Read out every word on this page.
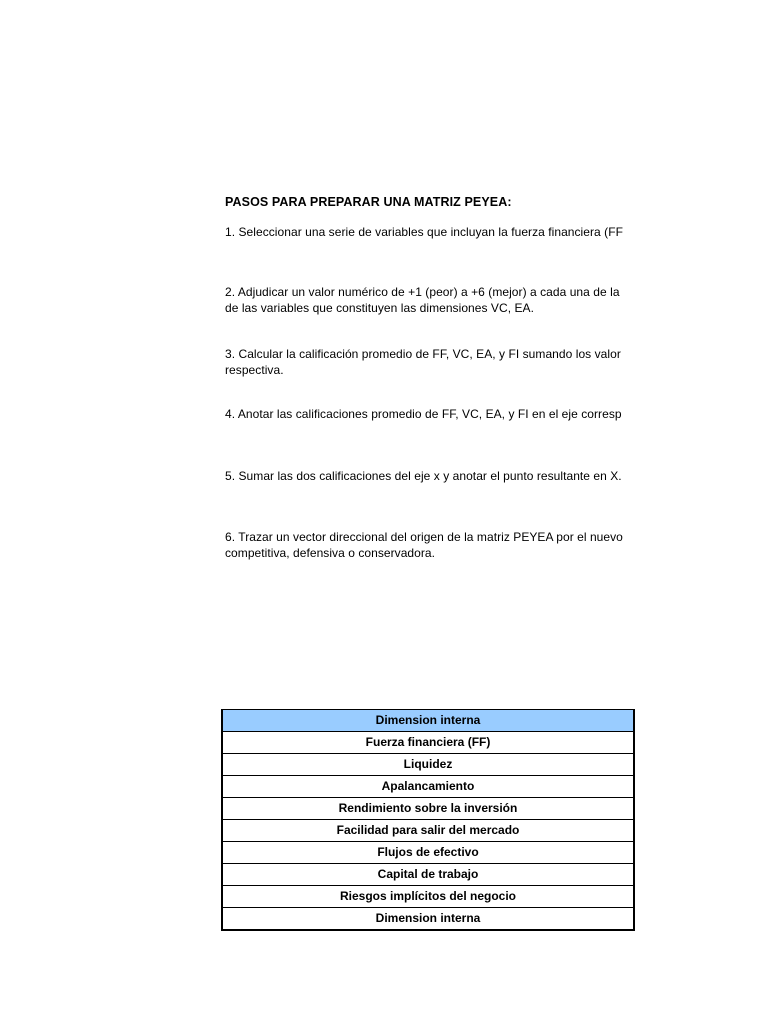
PASOS PARA PREPARAR UNA MATRIZ PEYEA:
1. Seleccionar una serie de variables que incluyan la fuerza financiera (FF
2. Adjudicar un valor numérico de +1 (peor) a +6 (mejor) a cada una de la
de las variables que constituyen las dimensiones VC, EA.
3. Calcular la calificación promedio de FF, VC, EA, y FI sumando los valor
respectiva.
4. Anotar las calificaciones promedio de FF, VC, EA, y FI en el eje corresp
5. Sumar las dos calificaciones del eje x y anotar el punto resultante en X.
6. Trazar un vector direccional del origen de la matriz PEYEA por el nuevo
competitiva, defensiva o conservadora.
Dimension interna
Fuerza financiera (FF)
Liquidez
Apalancamiento
Rendimiento sobre la inversión
Facilidad para salir del mercado
Flujos de efectivo
Capital de trabajo
Riesgos implícitos del negocio
Dimension interna
